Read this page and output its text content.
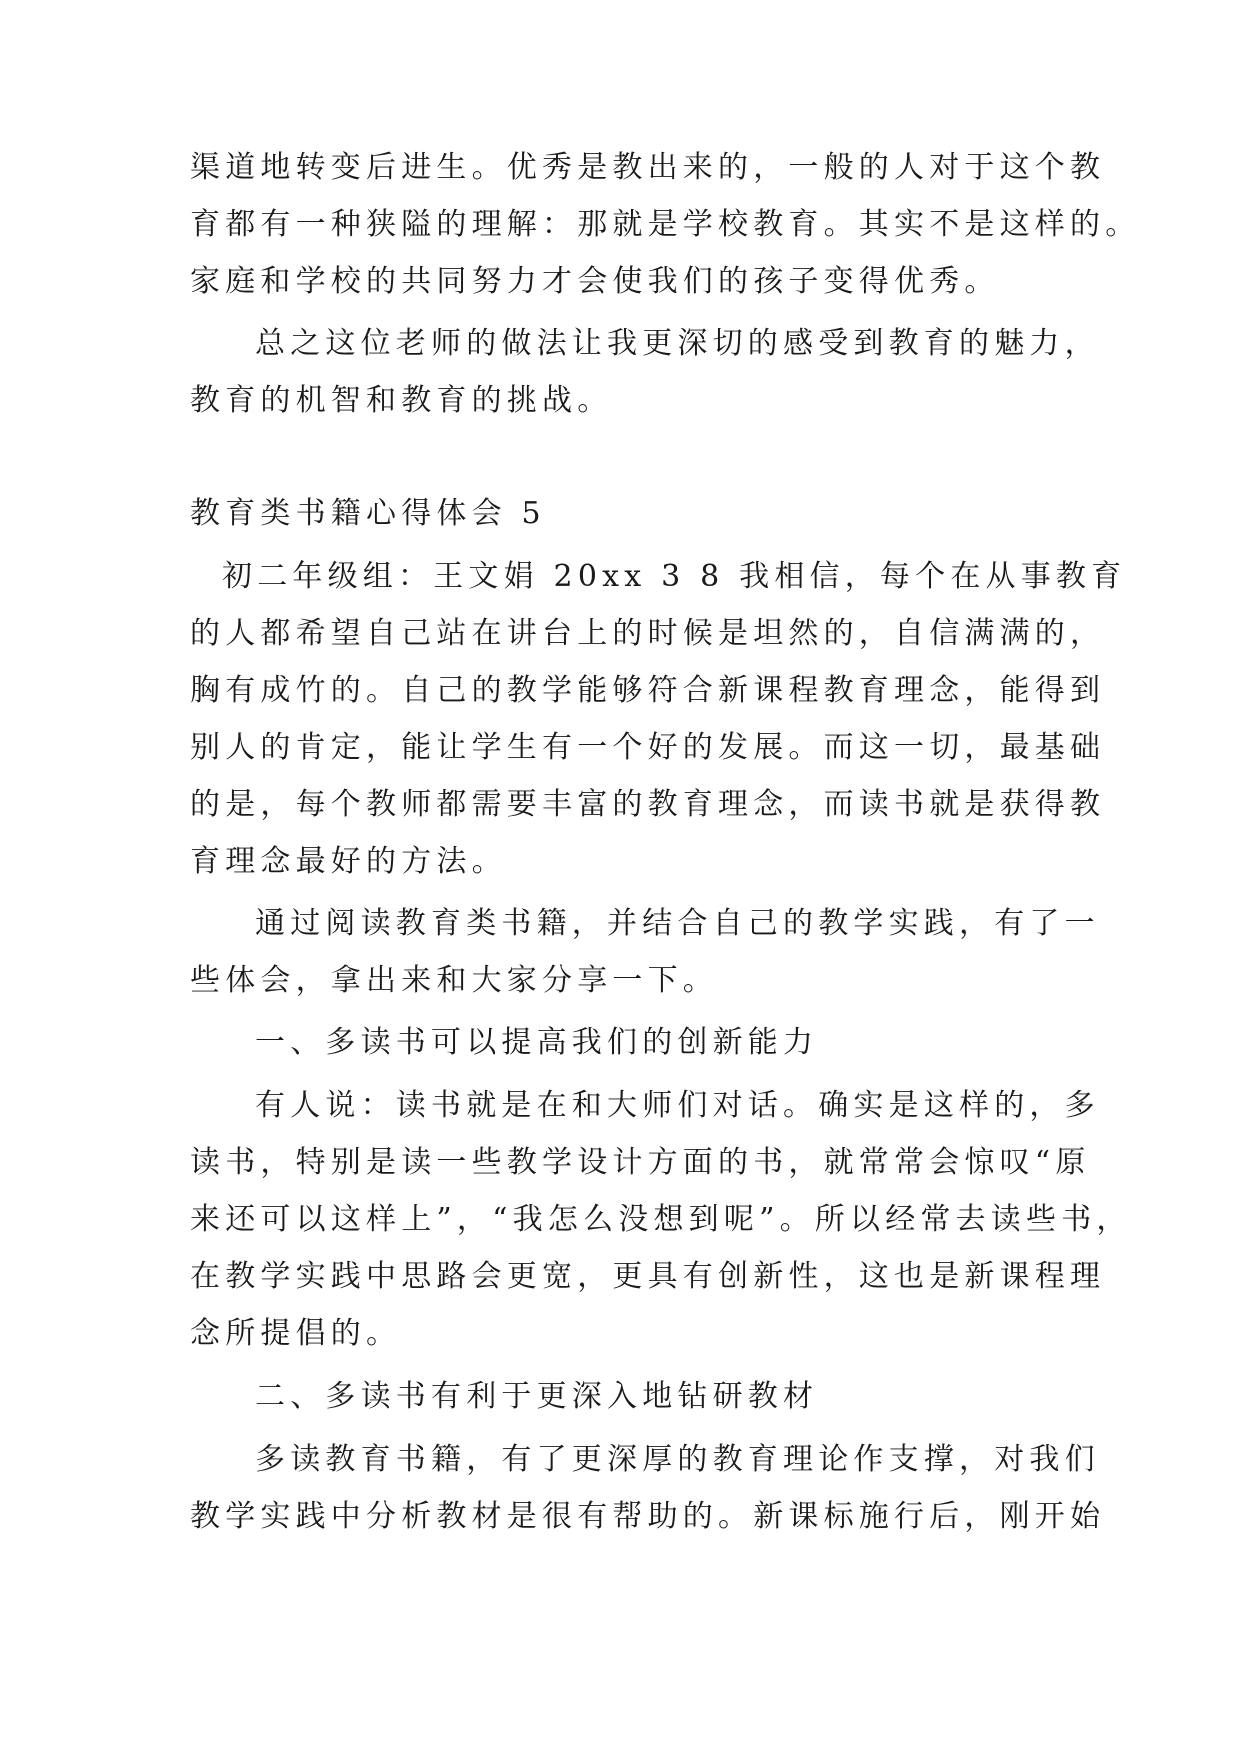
渠道地转变后进生。优秀是教出来的，一般的人对于这个教
育都有一种狭隘的理解：那就是学校教育。其实不是这样的。
家庭和学校的共同努力才会使我们的孩子变得优秀。
总之这位老师的做法让我更深切的感受到教育的魅力，
教育的机智和教育的挑战。
教育类书籍心得体会 5
初二年级组：王文娟 20xx 3 8 我相信，每个在从事教育
的人都希望自己站在讲台上的时候是坦然的，自信满满的，
胸有成竹的。自己的教学能够符合新课程教育理念，能得到
别人的肯定，能让学生有一个好的发展。而这一切，最基础
的是，每个教师都需要丰富的教育理念，而读书就是获得教
育理念最好的方法。
通过阅读教育类书籍，并结合自己的教学实践，有了一
些体会，拿出来和大家分享一下。
一、多读书可以提高我们的创新能力
有人说：读书就是在和大师们对话。确实是这样的，多
读书，特别是读一些教学设计方面的书，就常常会惊叹“原
来还可以这样上”，“我怎么没想到呢”。所以经常去读些书，
在教学实践中思路会更宽，更具有创新性，这也是新课程理
念所提倡的。
二、多读书有利于更深入地钻研教材
多读教育书籍，有了更深厚的教育理论作支撑，对我们
教学实践中分析教材是很有帮助的。新课标施行后，刚开始
